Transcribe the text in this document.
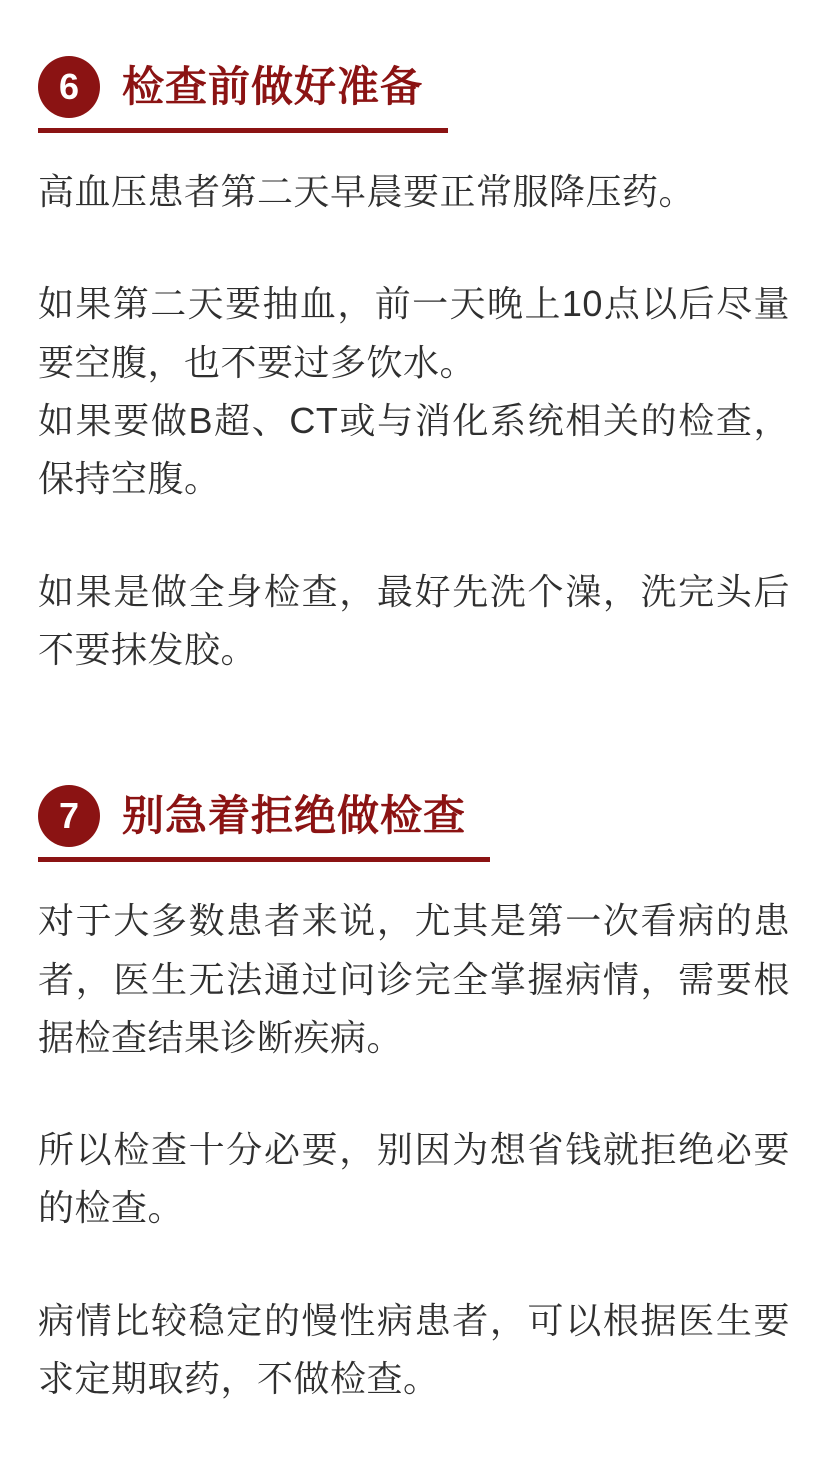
6	检查前做好准备

高血压患者第二天早晨要正常服降压药。

如果第二天要抽血，前一天晚上10点以后尽量要空腹，也不要过多饮水。

如果要做B超、CT或与消化系统相关的检查，保持空腹。

如果是做全身检查，最好先洗个澡，洗完头后不要抹发胶。

7	别急着拒绝做检查

对于大多数患者来说，尤其是第一次看病的患者，医生无法通过问诊完全掌握病情，需要根据检查结果诊断疾病。

所以检查十分必要，别因为想省钱就拒绝必要的检查。

病情比较稳定的慢性病患者，可以根据医生要求定期取药，不做检查。
